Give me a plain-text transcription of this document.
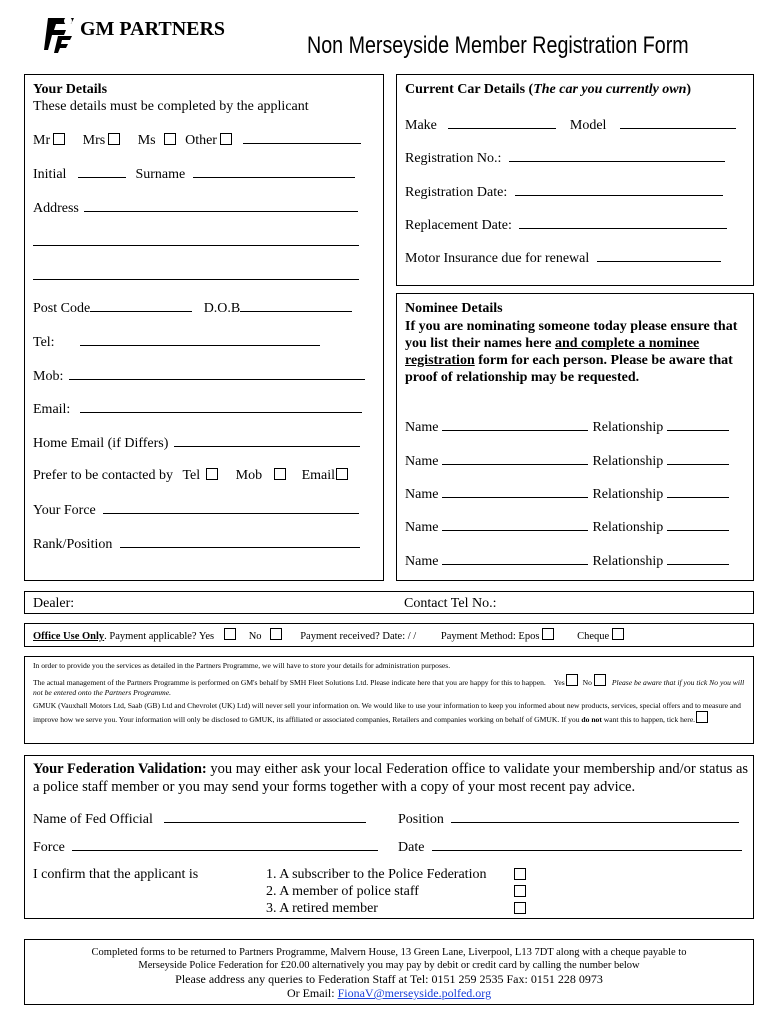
GM PARTNERS
Non Merseyside Member Registration Form
Your Details
These details must be completed by the applicant
Mr Mrs Ms Other
Initial	Surname
Address
Post Code	D.O.B
Tel:
Mob:
Email:
Home Email (if Differs)
Prefer to be contacted by Tel	Mob	Email
Your Force
Rank/Position
Current Car Details (The car you currently own)
Make	Model
Registration No.:
Registration Date:
Replacement Date:
Motor Insurance due for renewal
Nominee Details
If you are nominating someone today please ensure that you list their names here and complete a nominee registration form for each person. Please be aware that proof of relationship may be requested.
Name	Relationship
Name	Relationship
Name	Relationship
Name	Relationship
Name	Relationship
Dealer:	Contact Tel No.:
Office Use Only. Payment applicable? Yes	No	Payment received? Date: / / Payment Method: Epos	Cheque
In order to provide you the services as detailed in the Partners Programme, we will have to store your details for administration purposes.
The actual management of the Partners Programme is performed on GM's behalf by SMH Fleet Solutions Ltd. Please indicate here that you are happy for this to happen. Yes No	Please be aware that if you tick No you will not be entered onto the Partners Programme.
GMUK (Vauxhall Motors Ltd, Saab (GB) Ltd and Chevrolet (UK) Ltd) will never sell your information on. We would like to use your information to keep you informed about new products, services, special offers and to measure and improve how we serve you. Your information will only be disclosed to GMUK, its affiliated or associated companies, Retailers and companies working on behalf of GMUK. If you do not want this to happen, tick here.
Your Federation Validation: you may either ask your local Federation office to validate your membership and/or status as a police staff member or you may send your forms together with a copy of your most recent pay advice.
Name of Fed Official	Position
Force	Date
I confirm that the applicant is	1. A subscriber to the Police Federation
2. A member of police staff
3. A retired member
Completed forms to be returned to Partners Programme, Malvern House, 13 Green Lane, Liverpool, L13 7DT along with a cheque payable to
Merseyside Police Federation for £20.00 alternatively you may pay by debit or credit card by calling the number below
Please address any queries to Federation Staff at Tel: 0151 259 2535 Fax: 0151 228 0973
Or Email: FionaV@merseyside.polfed.org
